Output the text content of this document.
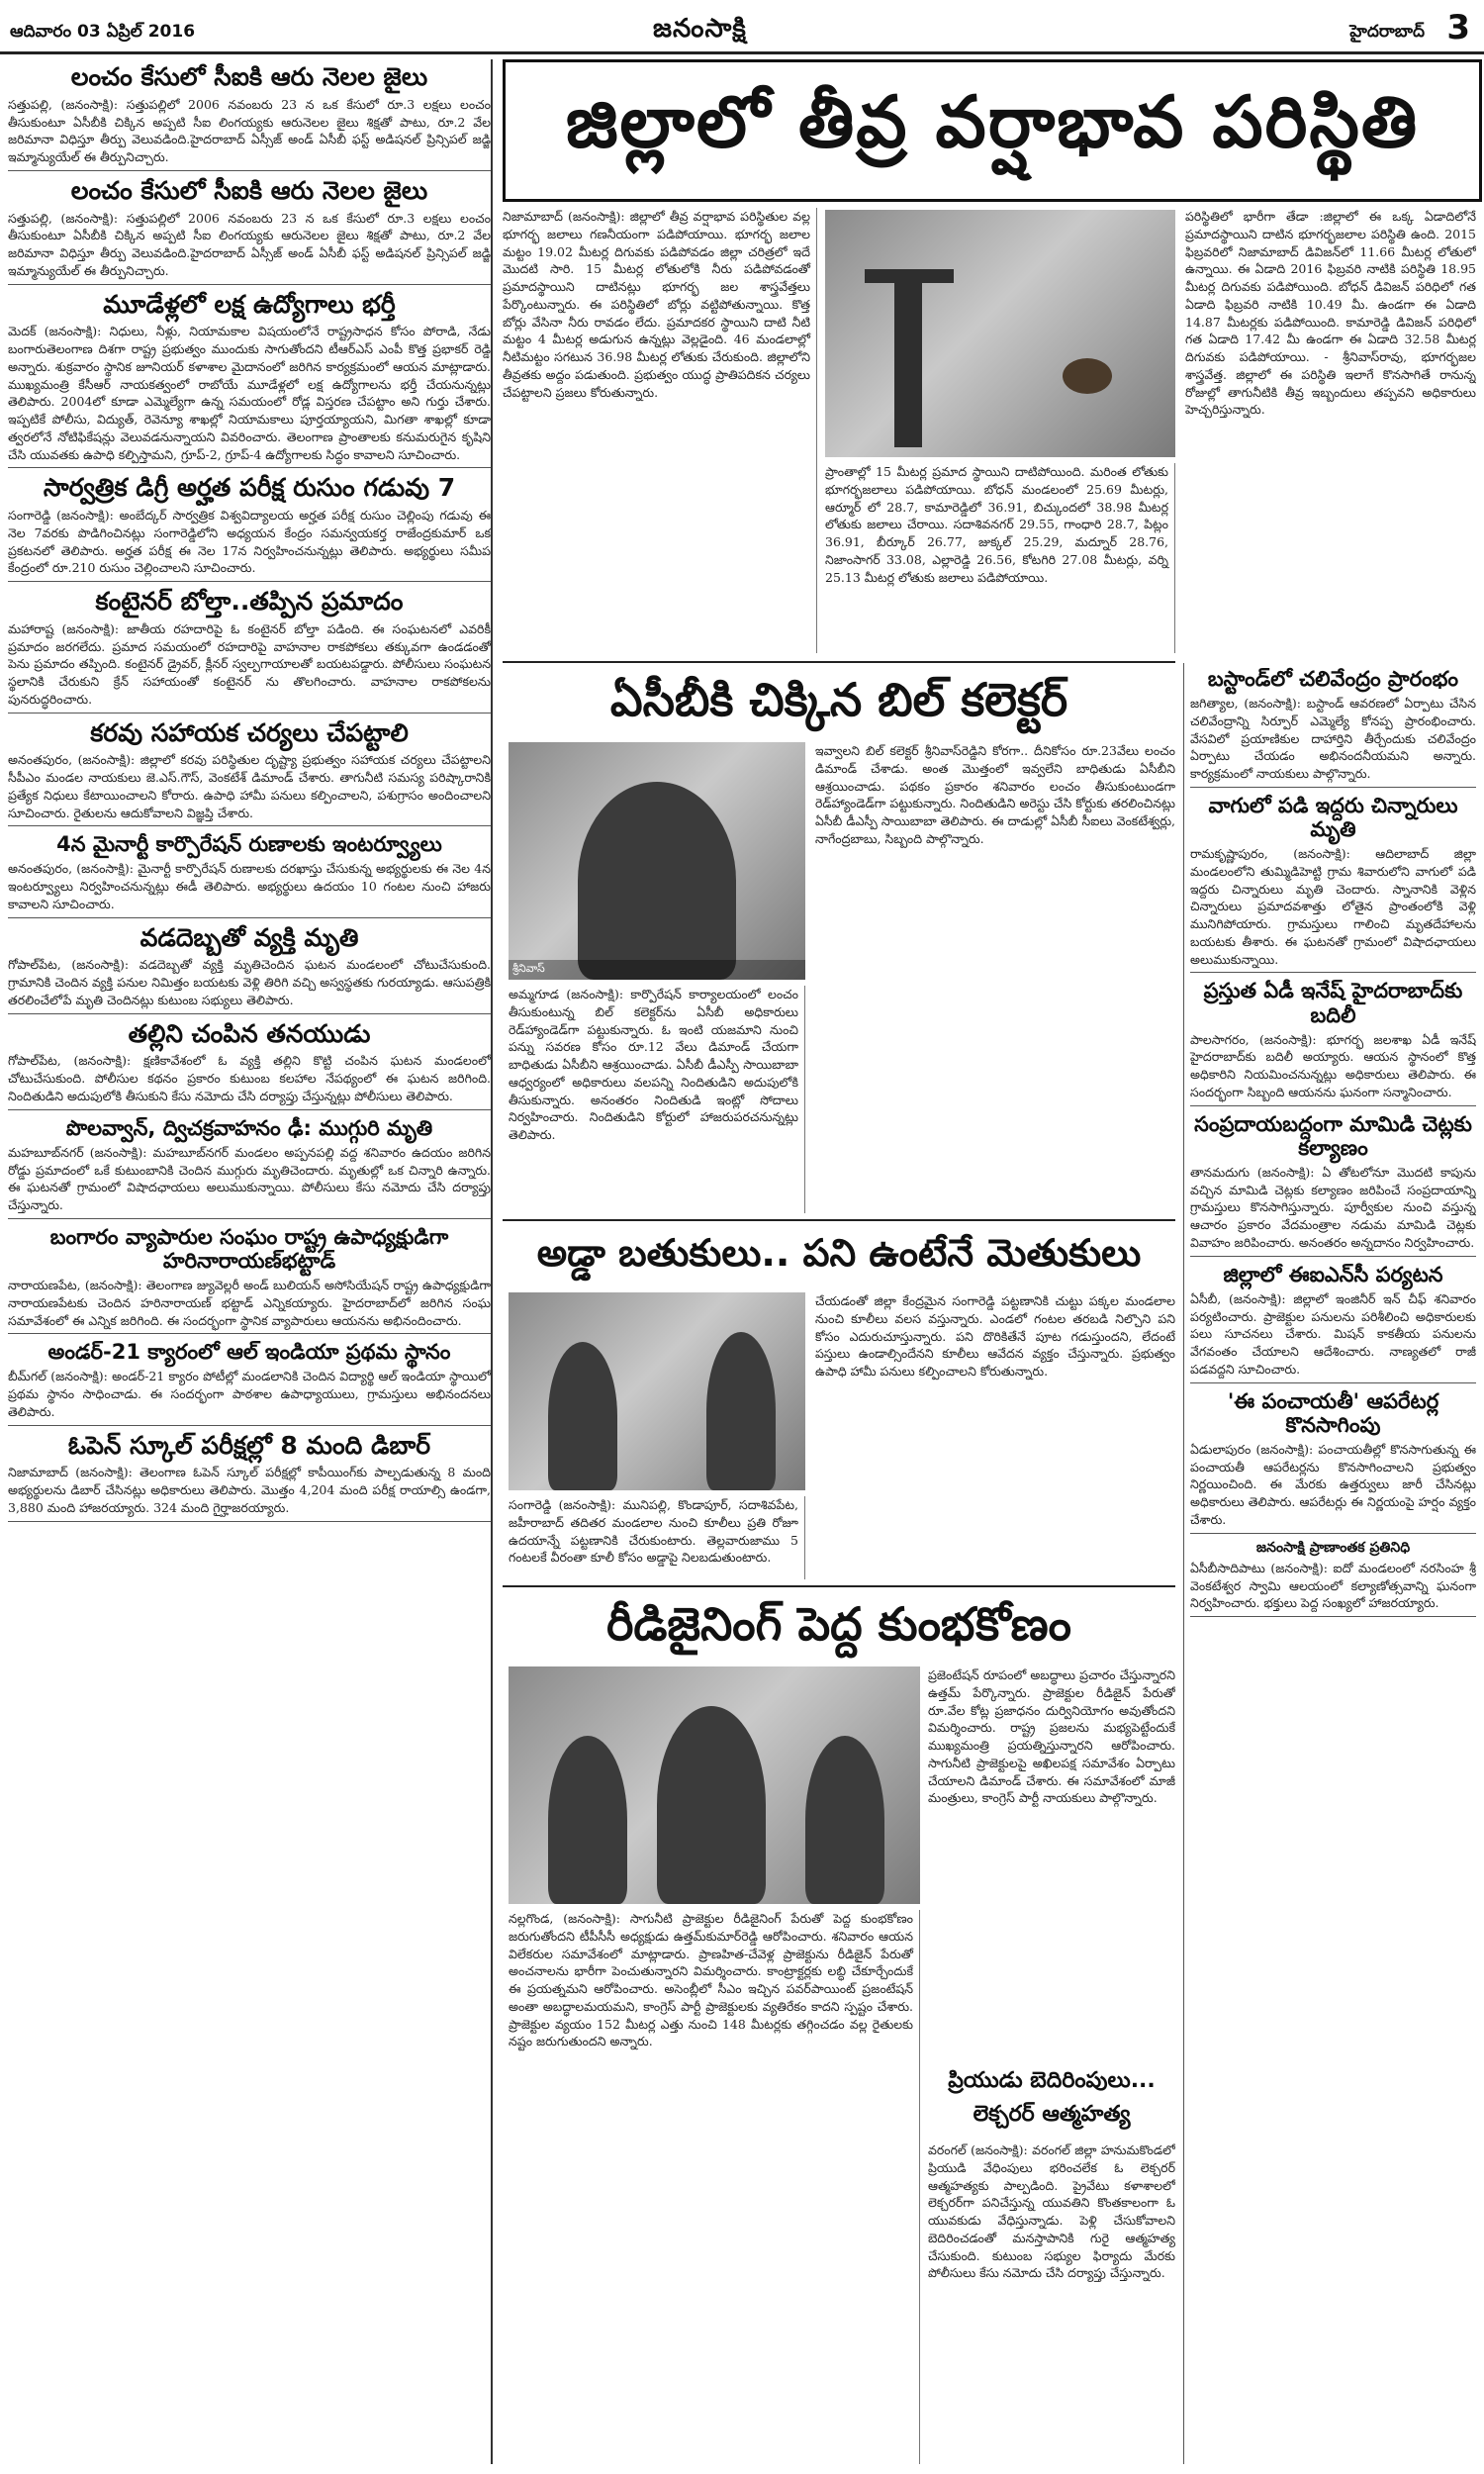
ఆదివారం 03 ఏప్రిల్ 2016	జనంసాక్షి	హైదరాబాద్ 3
లంచం కేసులో సీఐకి ఆరు నెలల జైలు
సత్తుపల్లి, (జనంసాక్షి): సత్తుపల్లిలో 2006 నవంబరు 23 న ఒక కేసులో రూ.3 లక్షలు లంచం తీసుకుంటూ ఏసీబీకి చిక్కిన అప్పటి సీఐ లింగయ్యకు ఆరునెలల జైలు శిక్షతో పాటు, రూ.2 వేల జరిమానా విధిస్తూ తీర్పు వెలువడింది.హైదరాబాద్ ఏస్సీజ్ అండ్ ఏసీబీ ఫస్ట్ అడిషనల్ ప్రిన్సిపల్ జడ్జి ఇమ్మాన్యుయేల్ ఈ తీర్పునిచ్చారు.
లంచం కేసులో సీఐకి ఆరు నెలల జైలు
సత్తుపల్లి, (జనంసాక్షి): సత్తుపల్లిలో 2006 నవంబరు 23 న ఒక కేసులో రూ.3 లక్షలు లంచం తీసుకుంటూ ఏసీబీకి చిక్కిన అప్పటి సీఐ లింగయ్యకు ఆరునెలల జైలు శిక్షతో పాటు, రూ.2 వేల జరిమానా విధిస్తూ తీర్పు వెలువడింది.హైదరాబాద్ ఏస్సీజ్ అండ్ ఏసీబీ ఫస్ట్ అడిషనల్ ప్రిన్సిపల్ జడ్జి ఇమ్మాన్యుయేల్ ఈ తీర్పునిచ్చారు.
మూడేళ్లలో లక్ష ఉద్యోగాలు భర్తీ
మెదక్ (జనంసాక్షి): నిధులు, నీళ్లు, నియామకాల విషయంలోనే రాష్ట్రసాధన కోసం పోరాడి, నేడు బంగారుతెలంగాణ దిశగా రాష్ట్ర ప్రభుత్వం ముందుకు సాగుతోందని టీఆర్ఎస్ ఎంపీ కొత్త ప్రభాకర్ రెడ్డి అన్నారు. శుక్రవారం స్థానిక జూనియర్ కళాశాల మైదానంలో జరిగిన కార్యక్రమంలో ఆయన మాట్లాడారు. ముఖ్యమంత్రి కేసీఆర్ నాయకత్వంలో రాబోయే మూడేళ్లలో లక్ష ఉద్యోగాలను భర్తీ చేయనున్నట్లు తెలిపారు. 2004లో కూడా ఎమ్మెల్యేగా ఉన్న సమయంలో రోడ్ల విస్తరణ చేపట్టాం అని గుర్తు చేశారు. ఇప్పటికే పోలీసు, విద్యుత్, రెవెన్యూ శాఖల్లో నియామకాలు పూర్తయ్యాయని, మిగతా శాఖల్లో కూడా త్వరలోనే నోటిఫికేషన్లు వెలువడనున్నాయని వివరించారు. తెలంగాణ ప్రాంతాలకు కనుమరుగైన కృషిని చేసి యువతకు ఉపాధి కల్పిస్తామని, గ్రూప్-2, గ్రూప్-4 ఉద్యోగాలకు సిద్ధం కావాలని సూచించారు.
సార్వత్రిక డిగ్రీ అర్హత పరీక్ష రుసుం గడువు 7
సంగారెడ్డి (జనంసాక్షి): అంబేద్కర్ సార్వత్రిక విశ్వవిద్యాలయ అర్హత పరీక్ష రుసుం చెల్లింపు గడువు ఈ నెల 7వరకు పొడిగించినట్లు సంగారెడ్డిలోని అధ్యయన కేంద్రం సమన్వయకర్త రాజేంద్రకుమార్ ఒక ప్రకటనలో తెలిపారు. అర్హత పరీక్ష ఈ నెల 17న నిర్వహించనున్నట్లు తెలిపారు. అభ్యర్థులు సమీప కేంద్రంలో రూ.210 రుసుం చెల్లించాలని సూచించారు.
కంటైనర్ బోల్తా..తప్పిన ప్రమాదం
మహారాష్ట (జనంసాక్షి): జాతీయ రహదారిపై ఓ కంటైనర్ బోల్తా పడింది. ఈ సంఘటనలో ఎవరికీ ప్రమాదం జరగలేదు. ప్రమాద సమయంలో రహదారిపై వాహనాల రాకపోకలు తక్కువగా ఉండడంతో పెను ప్రమాదం తప్పింది. కంటైనర్ డ్రైవర్, క్లీనర్ స్వల్పగాయాలతో బయటపడ్డారు. పోలీసులు సంఘటన స్థలానికి చేరుకుని క్రేన్ సహాయంతో కంటైనర్ ను తొలగించారు. వాహనాల రాకపోకలను పునరుద్ధరించారు.
కరవు సహాయక చర్యలు చేపట్టాలి
అనంతపురం, (జనంసాక్షి): జిల్లాలో కరవు పరిస్థితుల దృష్ట్యా ప్రభుత్వం సహాయక చర్యలు చేపట్టాలని సీపీఎం మండల నాయకులు జె.ఎస్.గౌస్, వెంకటేశ్ డిమాండ్ చేశారు. తాగునీటి సమస్య పరిష్కారానికి ప్రత్యేక నిధులు కేటాయించాలని కోరారు. ఉపాధి హామీ పనులు కల్పించాలని, పశుగ్రాసం అందించాలని సూచించారు. రైతులను ఆదుకోవాలని విజ్ఞప్తి చేశారు.
4న మైనార్టీ కార్పొరేషన్ రుణాలకు ఇంటర్వ్యూలు
అనంతపురం, (జనంసాక్షి): మైనార్టీ కార్పొరేషన్ రుణాలకు దరఖాస్తు చేసుకున్న అభ్యర్థులకు ఈ నెల 4న ఇంటర్వ్యూలు నిర్వహించనున్నట్లు ఈడీ తెలిపారు. అభ్యర్థులు ఉదయం 10 గంటల నుంచి హాజరు కావాలని సూచించారు.
వడదెబ్బతో వ్యక్తి మృతి
గోపాల్‌పేట, (జనంసాక్షి): వడదెబ్బతో వ్యక్తి మృతిచెందిన ఘటన మండలంలో చోటుచేసుకుంది. గ్రామానికి చెందిన వ్యక్తి పనుల నిమిత్తం బయటకు వెళ్లి తిరిగి వచ్చి అస్వస్థతకు గురయ్యాడు. ఆసుపత్రికి తరలించేలోపే మృతి చెందినట్లు కుటుంబ సభ్యులు తెలిపారు.
తల్లిని చంపిన తనయుడు
గోపాల్‌పేట, (జనంసాక్షి): క్షణికావేశంలో ఓ వ్యక్తి తల్లిని కొట్టి చంపిన ఘటన మండలంలో చోటుచేసుకుంది. పోలీసుల కథనం ప్రకారం కుటుంబ కలహాల నేపథ్యంలో ఈ ఘటన జరిగింది. నిందితుడిని అదుపులోకి తీసుకుని కేసు నమోదు చేసి దర్యాప్తు చేస్తున్నట్లు పోలీసులు తెలిపారు.
పొలవ్వాన్, ద్విచక్రవాహనం ఢీ: ముగ్గురి మృతి
మహబూబ్‌నగర్ (జనంసాక్షి): మహబూబ్‌నగర్ మండలం అప్పనపల్లి వద్ద శనివారం ఉదయం జరిగిన రోడ్డు ప్రమాదంలో ఒకే కుటుంబానికి చెందిన ముగ్గురు మృతిచెందారు. మృతుల్లో ఒక చిన్నారి ఉన్నారు. ఈ ఘటనతో గ్రామంలో విషాదఛాయలు అలుముకున్నాయి. పోలీసులు కేసు నమోదు చేసి దర్యాప్తు చేస్తున్నారు.
బంగారం వ్యాపారుల సంఘం రాష్ట్ర ఉపాధ్యక్షుడిగా హరినారాయణ్‌భట్టాడ్
నారాయణపేట, (జనంసాక్షి): తెలంగాణ జ్యువెల్లరీ అండ్ బులియన్ అసోసియేషన్ రాష్ట్ర ఉపాధ్యక్షుడిగా నారాయణపేటకు చెందిన హరినారాయణ్ భట్టాడ్ ఎన్నికయ్యారు. హైదరాబాద్‌లో జరిగిన సంఘ సమావేశంలో ఈ ఎన్నిక జరిగింది. ఈ సందర్భంగా స్థానిక వ్యాపారులు ఆయనను అభినందించారు.
అండర్-21 క్యారంలో ఆల్ ఇండియా ప్రథమ స్థానం
బీమ్‌గల్ (జనంసాక్షి): అండర్-21 క్యారం పోటీల్లో మండలానికి చెందిన విద్యార్థి ఆల్ ఇండియా స్థాయిలో ప్రథమ స్థానం సాధించాడు. ఈ సందర్భంగా పాఠశాల ఉపాధ్యాయులు, గ్రామస్తులు అభినందనలు తెలిపారు.
ఓపెన్ స్కూల్ పరీక్షల్లో 8 మంది డిబార్
నిజామాబాద్ (జనంసాక్షి): తెలంగాణ ఓపెన్ స్కూల్ పరీక్షల్లో కాపీయింగ్‌కు పాల్పడుతున్న 8 మంది అభ్యర్థులను డిబార్ చేసినట్లు అధికారులు తెలిపారు. మొత్తం 4,204 మంది పరీక్ష రాయాల్సి ఉండగా, 3,880 మంది హాజరయ్యారు. 324 మంది గైర్హాజరయ్యారు.
జిల్లాలో తీవ్ర వర్షాభావ పరిస్థితి
నిజామాబాద్ (జనంసాక్షి): జిల్లాలో తీవ్ర వర్షాభావ పరిస్థితుల వల్ల భూగర్భ జలాలు గణనీయంగా పడిపోయాయి. భూగర్భ జలాల మట్టం 19.02 మీటర్ల దిగువకు పడిపోవడం జిల్లా చరిత్రలో ఇదే మొదటి సారి. 15 మీటర్ల లోతులోకి నీరు పడిపోవడంతో ప్రమాదస్థాయిని దాటినట్లు భూగర్భ జల శాస్త్రవేత్తలు పేర్కొంటున్నారు. ఈ పరిస్థితిలో బోర్లు వట్టిపోతున్నాయి. కొత్త బోర్లు వేసినా నీరు రావడం లేదు. ప్రమాదకర స్థాయిని దాటి నీటి మట్టం 4 మీటర్ల అడుగున ఉన్నట్లు వెల్లడైంది. 46 మండలాల్లో నీటిమట్టం సగటున 36.98 మీటర్ల లోతుకు చేరుకుంది. జిల్లాలోని తీవ్రతకు అద్దం పడుతుంది. ప్రభుత్వం యుద్ధ ప్రాతిపదికన చర్యలు చేపట్టాలని ప్రజలు కోరుతున్నారు.
ప్రాంతాల్లో 15 మీటర్ల ప్రమాద స్థాయిని దాటిపోయింది. మరింత లోతుకు భూగర్భజలాలు పడిపోయాయి. బోధన్ మండలంలో 25.69 మీటర్లు, ఆర్మూర్ లో 28.7, కామారెడ్డిలో 36.91, బిచ్కుందలో 38.98 మీటర్ల లోతుకు జలాలు చేరాయి. సదాశివనగర్ 29.55, గాంధారి 28.7, పిట్లం 36.91, బీర్కూర్ 26.77, జుక్కల్ 25.29, మద్నూర్ 28.76, నిజాంసాగర్ 33.08, ఎల్లారెడ్డి 26.56, కోటగిరి 27.08 మీటర్లు, వర్ని 25.13 మీటర్ల లోతుకు జలాలు పడిపోయాయి.
పరిస్థితిలో భారీగా తేడా :జిల్లాలో ఈ ఒక్క ఏడాదిలోనే ప్రమాదస్థాయిని దాటిన భూగర్భజలాల పరిస్థితి ఉంది. 2015 ఫిబ్రవరిలో నిజామాబాద్ డివిజన్‌లో 11.66 మీటర్ల లోతులో ఉన్నాయి. ఈ ఏడాది 2016 ఫిబ్రవరి నాటికి పరిస్థితి 18.95 మీటర్ల దిగువకు పడిపోయింది. బోధన్ డివిజన్ పరిధిలో గత ఏడాది ఫిబ్రవరి నాటికి 10.49 మీ. ఉండగా ఈ ఏడాది 14.87 మీటర్లకు పడిపోయింది. కామారెడ్డి డివిజన్ పరిధిలో గత ఏడాది 17.42 మీ ఉండగా ఈ ఏడాది 32.58 మీటర్ల దిగువకు పడిపోయాయి. - శ్రీనివాస్‌రావు, భూగర్భజల శాస్త్రవేత్త. జిల్లాలో ఈ పరిస్థితి ఇలాగే కొనసాగితే రానున్న రోజుల్లో తాగునీటికి తీవ్ర ఇబ్బందులు తప్పవని అధికారులు హెచ్చరిస్తున్నారు.
ఏసీబీకి చిక్కిన బిల్ కలెక్టర్
శ్రీనివాస్
అమ్మగూడ (జనంసాక్షి): కార్పొరేషన్ కార్యాలయంలో లంచం తీసుకుంటున్న బిల్ కలెక్టర్‌ను ఏసీబీ అధికారులు రెడ్‌హ్యాండెడ్‌గా పట్టుకున్నారు. ఓ ఇంటి యజమాని నుంచి పన్ను సవరణ కోసం రూ.12 వేలు డిమాండ్ చేయగా బాధితుడు ఏసీబీని ఆశ్రయించాడు. ఏసీబీ డీఎస్పీ సాయిబాబా ఆధ్వర్యంలో అధికారులు వలపన్ని నిందితుడిని అదుపులోకి తీసుకున్నారు. అనంతరం నిందితుడి ఇంట్లో సోదాలు నిర్వహించారు. నిందితుడిని కోర్టులో హాజరుపరచనున్నట్లు తెలిపారు.
ఇవ్వాలని బిల్ కలెక్టర్ శ్రీనివాస్‌రెడ్డిని కోరగా.. దీనికోసం రూ.23వేలు లంచం డిమాండ్ చేశాడు. అంత మొత్తంలో ఇవ్వలేని బాధితుడు ఏసీబీని ఆశ్రయించాడు. పథకం ప్రకారం శనివారం లంచం తీసుకుంటుండగా రెడ్‌హ్యాండెడ్‌గా పట్టుకున్నారు. నిందితుడిని అరెస్టు చేసి కోర్టుకు తరలించినట్లు ఏసీబీ డీఎస్పీ సాయిబాబా తెలిపారు. ఈ దాడుల్లో ఏసీబీ సీఐలు వెంకటేశ్వర్లు, నాగేంద్రబాబు, సిబ్బంది పాల్గొన్నారు.
అడ్డా బతుకులు.. పని ఉంటేనే మెతుకులు
సంగారెడ్డి (జనంసాక్షి): మునిపల్లి, కొండాపూర్, సదాశివపేట, జహీరాబాద్ తదితర మండలాల నుంచి కూలీలు ప్రతి రోజూ ఉదయాన్నే పట్టణానికి చేరుకుంటారు. తెల్లవారుజాము 5 గంటలకే వీరంతా కూలీ కోసం అడ్డాపై నిలబడుతుంటారు.
చేయడంతో జిల్లా కేంద్రమైన సంగారెడ్డి పట్టణానికి చుట్టు పక్కల మండలాల నుంచి కూలీలు వలస వస్తున్నారు. ఎండలో గంటల తరబడి నిల్చొని పని కోసం ఎదురుచూస్తున్నారు. పని దొరికితేనే పూట గడుస్తుందని, లేదంటే పస్తులు ఉండాల్సిందేనని కూలీలు ఆవేదన వ్యక్తం చేస్తున్నారు. ప్రభుత్వం ఉపాధి హామీ పనులు కల్పించాలని కోరుతున్నారు.
రీడిజైనింగ్ పెద్ద కుంభకోణం
నల్లగొండ, (జనంసాక్షి): సాగునీటి ప్రాజెక్టుల రీడిజైనింగ్ పేరుతో పెద్ద కుంభకోణం జరుగుతోందని టీపీసీసీ అధ్యక్షుడు ఉత్తమ్‌కుమార్‌రెడ్డి ఆరోపించారు. శనివారం ఆయన విలేకరుల సమావేశంలో మాట్లాడారు. ప్రాణహిత-చేవెళ్ల ప్రాజెక్టును రీడిజైన్ పేరుతో అంచనాలను భారీగా పెంచుతున్నారని విమర్శించారు. కాంట్రాక్టర్లకు లబ్ధి చేకూర్చేందుకే ఈ ప్రయత్నమని ఆరోపించారు. అసెంబ్లీలో సీఎం ఇచ్చిన పవర్‌పాయింట్ ప్రజంటేషన్ అంతా అబద్ధాలమయమని, కాంగ్రెస్ పార్టీ ప్రాజెక్టులకు వ్యతిరేకం కాదని స్పష్టం చేశారు. ప్రాజెక్టుల వ్యయం 152 మీటర్ల ఎత్తు నుంచి 148 మీటర్లకు తగ్గించడం వల్ల రైతులకు నష్టం జరుగుతుందని అన్నారు.
ప్రజెంటేషన్ రూపంలో అబద్ధాలు ప్రచారం చేస్తున్నారని ఉత్తమ్ పేర్కొన్నారు. ప్రాజెక్టుల రీడిజైన్ పేరుతో రూ.వేల కోట్ల ప్రజాధనం దుర్వినియోగం అవుతోందని విమర్శించారు. రాష్ట్ర ప్రజలను మభ్యపెట్టేందుకే ముఖ్యమంత్రి ప్రయత్నిస్తున్నారని ఆరోపించారు. సాగునీటి ప్రాజెక్టులపై అఖిలపక్ష సమావేశం ఏర్పాటు చేయాలని డిమాండ్ చేశారు. ఈ సమావేశంలో మాజీ మంత్రులు, కాంగ్రెస్ పార్టీ నాయకులు పాల్గొన్నారు.
ప్రియుడు బెదిరింపులు...
లెక్చరర్ ఆత్మహత్య
వరంగల్ (జనంసాక్షి): వరంగల్ జిల్లా హనుమకొండలో ప్రియుడి వేధింపులు భరించలేక ఓ లెక్చరర్ ఆత్మహత్యకు పాల్పడింది. ప్రైవేటు కళాశాలలో లెక్చరర్‌గా పనిచేస్తున్న యువతిని కొంతకాలంగా ఓ యువకుడు వేధిస్తున్నాడు. పెళ్లి చేసుకోవాలని బెదిరించడంతో మనస్తాపానికి గురై ఆత్మహత్య చేసుకుంది. కుటుంబ సభ్యుల ఫిర్యాదు మేరకు పోలీసులు కేసు నమోదు చేసి దర్యాప్తు చేస్తున్నారు.
బస్టాండ్‌లో చలివేంద్రం ప్రారంభం
జగిత్యాల, (జనంసాక్షి): బస్టాండ్ ఆవరణలో ఏర్పాటు చేసిన చలివేంద్రాన్ని సిర్పూర్ ఎమ్మెల్యే కోనప్ప ప్రారంభించారు. వేసవిలో ప్రయాణికుల దాహార్తిని తీర్చేందుకు చలివేంద్రం ఏర్పాటు చేయడం అభినందనీయమని అన్నారు. కార్యక్రమంలో నాయకులు పాల్గొన్నారు.
వాగులో పడి ఇద్దరు చిన్నారులు మృతి
రామకృష్ణాపురం, (జనంసాక్షి): ఆదిలాబాద్ జిల్లా మండలంలోని తుమ్మిడిహెట్టి గ్రామ శివారులోని వాగులో పడి ఇద్దరు చిన్నారులు మృతి చెందారు. స్నానానికి వెళ్లిన చిన్నారులు ప్రమాదవశాత్తు లోతైన ప్రాంతంలోకి వెళ్లి మునిగిపోయారు. గ్రామస్తులు గాలించి మృతదేహాలను బయటకు తీశారు. ఈ ఘటనతో గ్రామంలో విషాదఛాయలు అలుముకున్నాయి.
ప్రస్తుత ఏడీ ఇనేష్ హైదరాబాద్‌కు బదిలీ
పాలసాగరం, (జనంసాక్షి): భూగర్భ జలశాఖ ఏడీ ఇనేష్ హైదరాబాద్‌కు బదిలీ అయ్యారు. ఆయన స్థానంలో కొత్త అధికారిని నియమించనున్నట్లు అధికారులు తెలిపారు. ఈ సందర్భంగా సిబ్బంది ఆయనను ఘనంగా సన్మానించారు.
సంప్రదాయబద్దంగా మామిడి చెట్లకు కల్యాణం
తానమదుగు (జనంసాక్షి): ఏ తోటలోనూ మొదటి కాపును వచ్చిన మామిడి చెట్లకు కల్యాణం జరిపించే సంప్రదాయాన్ని గ్రామస్తులు కొనసాగిస్తున్నారు. పూర్వీకుల నుంచి వస్తున్న ఆచారం ప్రకారం వేదమంత్రాల నడుమ మామిడి చెట్లకు వివాహం జరిపించారు. అనంతరం అన్నదానం నిర్వహించారు.
జిల్లాలో ఈఐఎన్‌సీ పర్యటన
ఏసీబీ, (జనంసాక్షి): జిల్లాలో ఇంజినీర్ ఇన్ చీఫ్ శనివారం పర్యటించారు. ప్రాజెక్టుల పనులను పరిశీలించి అధికారులకు పలు సూచనలు చేశారు. మిషన్ కాకతీయ పనులను వేగవంతం చేయాలని ఆదేశించారు. నాణ్యతలో రాజీ పడవద్దని సూచించారు.
'ఈ పంచాయతీ' ఆపరేటర్ల కొనసాగింపు
ఏడులాపురం (జనంసాక్షి): పంచాయతీల్లో కొనసాగుతున్న ఈ పంచాయతీ ఆపరేటర్లను కొనసాగించాలని ప్రభుత్వం నిర్ణయించింది. ఈ మేరకు ఉత్తర్వులు జారీ చేసినట్లు అధికారులు తెలిపారు. ఆపరేటర్లు ఈ నిర్ణయంపై హర్షం వ్యక్తం చేశారు.
జనంసాక్షి ప్రాణాంతక ప్రతినిధి
ఏసీబీసాదిపాటు (జనంసాక్షి): ఐదో మండలంలో నరసింహ శ్రీ వెంకటేశ్వర స్వామి ఆలయంలో కల్యాణోత్సవాన్ని ఘనంగా నిర్వహించారు. భక్తులు పెద్ద సంఖ్యలో హాజరయ్యారు.
